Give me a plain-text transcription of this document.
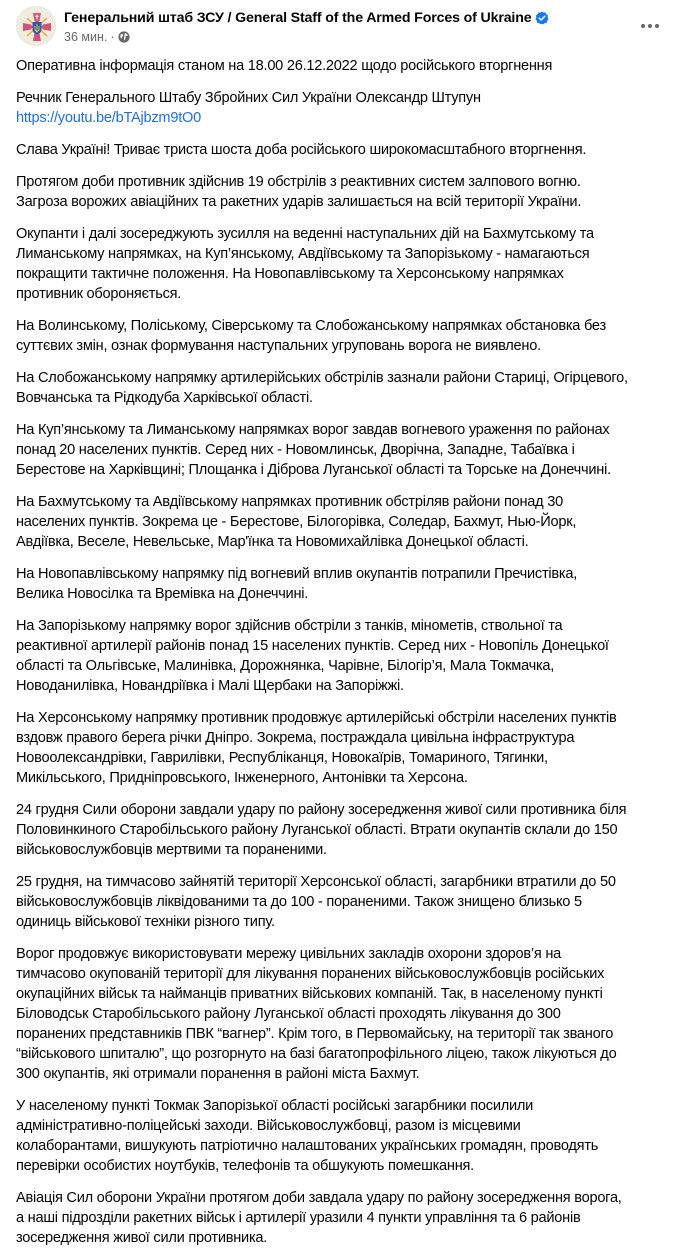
Генеральний штаб ЗСУ / General Staff of the Armed Forces of Ukraine
36 мин. ·
Оперативна інформація станом на 18.00 26.12.2022 щодо російського вторгнення
Речник Генерального Штабу Збройних Сил України Олександр Штупун
https://youtu.be/bTAjbzm9tO0
Слава Україні! Триває триста шоста доба російського широкомасштабного вторгнення.
Протягом доби противник здійснив 19 обстрілів з реактивних систем залпового вогню.
Загроза ворожих авіаційних та ракетних ударів залишається на всій території України.
Окупанти і далі зосереджують зусилля на веденні наступальних дій на Бахмутському та
Лиманському напрямках, на Куп’янському, Авдіївському та Запорізькому - намагаються
покращити тактичне положення. На Новопавлівському та Херсонському напрямках
противник обороняється.
На Волинському, Поліському, Сіверському та Слобожанському напрямках обстановка без
суттєвих змін, ознак формування наступальних угруповань ворога не виявлено.
На Слобожанському напрямку артилерійських обстрілів зазнали райони Старицi, Огірцевого,
Вовчанська та Рідкодуба Харківської області.
На Куп’янському та Лиманському напрямках ворог завдав вогневого ураження по районах
понад 20 населених пунктів. Серед них - Новомлинськ, Дворічна, Западне, Табаївка і
Берестове на Харківщині; Площанка і Діброва Луганської області та Торське на Донеччині.
На Бахмутському та Авдіївському напрямках противник обстріляв райони понад 30
населених пунктів. Зокрема це - Берестове, Білогорівка, Соледар, Бахмут, Нью-Йорк,
Авдіївка, Веселе, Невельське, Мар'їнка та Новомихайлівка Донецької області.
На Новопавлівському напрямку під вогневий вплив окупантів потрапили Пречистівка,
Велика Новосілка та Времівка на Донеччині.
На Запорізькому напрямку ворог здійснив обстріли з танків, мінометів, ствольної та
реактивної артилерії районів понад 15 населених пунктів. Серед них - Новопіль Донецької
області та Ольгівське, Малинівка, Дорожнянка, Чарівне, Білогір’я, Мала Токмачка,
Новоданилівка, Новандріївка і Малі Щербаки на Запоріжжі.
На Херсонському напрямку противник продовжує артилерійські обстріли населених пунктів
вздовж правого берега річки Дніпро. Зокрема, постраждала цивільна інфраструктура
Новоолександрівки, Гаврилівки, Республіканця, Новокаїрів, Томариного, Тягинки,
Микільського, Придніпровського, Інженерного, Антонівки та Херсона.
24 грудня Сили оборони завдали удару по району зосередження живої сили противника біля
Половинкиного Старобільського району Луганської області. Втрати окупантів склали до 150
військовослужбовців мертвими та пораненими.
25 грудня, на тимчасово зайнятій території Херсонської області, загарбники втратили до 50
військовослужбовців ліквідованими та до 100 - пораненими. Також знищено близько 5
одиниць військової техніки різного типу.
Ворог продовжує використовувати мережу цивільних закладів охорони здоров’я на
тимчасово окупованій території для лікування поранених військовослужбовців російських
окупаційних військ та найманців приватних військових компаній. Так, в населеному пункті
Біловодськ Старобільського району Луганської області проходять лікування до 300
поранених представників ПВК “вагнер”. Крім того, в Первомайську, на території так званого
“військового шпиталю”, що розгорнуто на базі багатопрофільного ліцею, також лікуються до
300 окупантів, які отримали поранення в районі міста Бахмут.
У населеному пункті Токмак Запорізької області російські загарбники посилили
адміністративно-поліцейські заходи. Військовослужбовці, разом із місцевими
колаборантами, вишукують патріотично налаштованих українських громадян, проводять
перевірки особистих ноутбуків, телефонів та обшукують помешкання.
Авіація Сил оборони України протягом доби завдала удару по району зосередження ворога,
а наші підрозділи ракетних військ і артилерії уразили 4 пункти управління та 6 районів
зосередження живої сили противника.
